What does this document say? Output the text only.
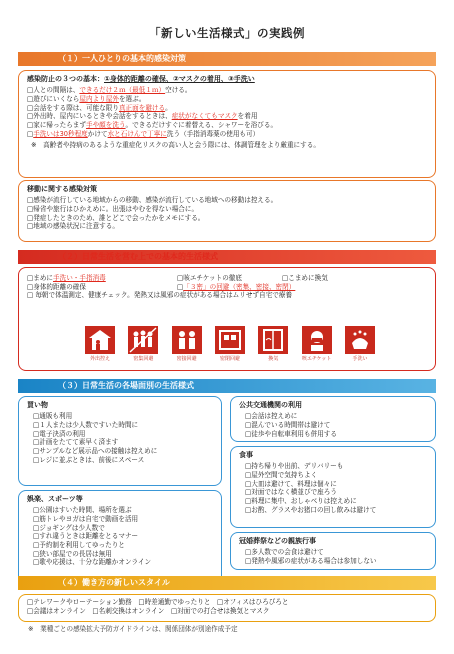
「新しい生活様式」の実践例
（１）一人ひとりの基本的感染対策
感染防止の３つの基本：①身体的距離の確保、②マスクの着用、③手洗い
□人との間隔は、できるだけ２ｍ（最低１ｍ）空ける。
□遊びにいくなら屋内より屋外を選ぶ。
□会話をする際は、可能な限り真正面を避ける。
□外出時、屋内にいるときや会話をするときは、症状がなくてもマスクを着用
□家に帰ったらまず手や顔を洗う。できるだけすぐに着替える、シャワーを浴びる。
□手洗いは30秒程度かけて水と石けんで丁寧に洗う（手指消毒薬の使用も可）
※　高齢者や持病のあるような重症化リスクの高い人と会う際には、体調管理をより厳重にする。
移動に関する感染対策
□感染が流行している地域からの移動、感染が流行している地域への移動は控える。
□帰省や旅行はひかえめに。出張はやむを得ない場合に。
□発症したときのため、誰とどこで会ったかをメモにする。
□地域の感染状況に注意する。
（２）日常生活を営む上での基本的生活様式
□まめに手洗い・手指消毒	□咳エチケットの徹底	□こまめに換気
□身体的距離の確保	□「３密」の回避（密集、密接、密閉）
□ 毎朝で体温測定、健康チェック。発熱又は風邪の症状がある場合はムリせず自宅で療養
外出控え	密集回避	密接回避	密閉回避	換気	咳エチケット	手洗い
（３）日常生活の各場面別の生活様式
買い物
□通販も利用
□１人または少人数ですいた時間に
□電子決済の利用
□計画をたてて素早く済ます
□サンプルなど展示品への接触は控えめに
□レジに並ぶときは、前後にスペース
娯楽、スポーツ等
□公園はすいた時間、場所を選ぶ
□筋トレやヨガは自宅で動画を活用
□ジョギングは少人数で
□すれ違うときは距離をとるマナー
□予約制を利用してゆったりと
□狭い部屋での長居は無用
□歌や応援は、十分な距離かオンライン
公共交通機関の利用
□会話は控えめに
□混んでいる時間帯は避けて
□徒歩や自転車利用も併用する
食事
□持ち帰りや出前、デリバリーも
□屋外空間で気持ちよく
□大皿は避けて、料理は個々に
□対面ではなく横並びで座ろう
□料理に集中、おしゃべりは控えめに
□お酌、グラスやお猪口の回し飲みは避けて
冠婚葬祭などの親族行事
□多人数での会食は避けて
□発熱や風邪の症状がある場合は参加しない
（４）働き方の新しいスタイル
□テレワークやローテーション勤務　□時差通勤でゆったりと　□オフィスはひろびろと
□会議はオンライン　□名刺交換はオンライン　□対面での打合せは換気とマスク
※　業種ごとの感染拡大予防ガイドラインは、関係団体が別途作成予定
